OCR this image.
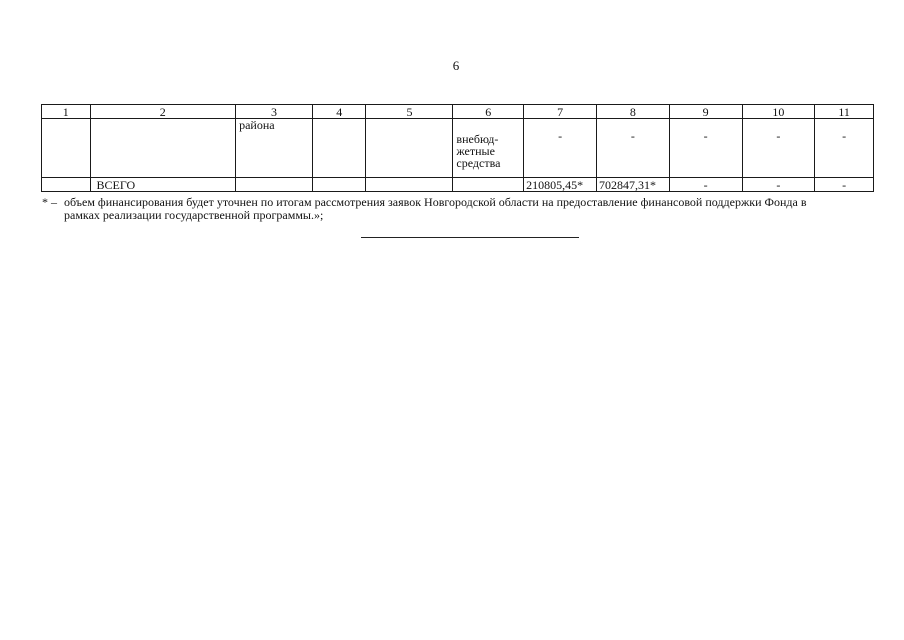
6
1	2	3	4	5	6	7	8	9	10	11
		района			внебюд-
жетные
средства	-	-	-	-	-

	ВСЕГО					210805,45*	702847,31*	-	-	-
* – объем финансирования будет уточнен по итогам рассмотрения заявок Новгородской области на предоставление финансовой поддержки Фонда в
рамках реализации государственной программы.»;
